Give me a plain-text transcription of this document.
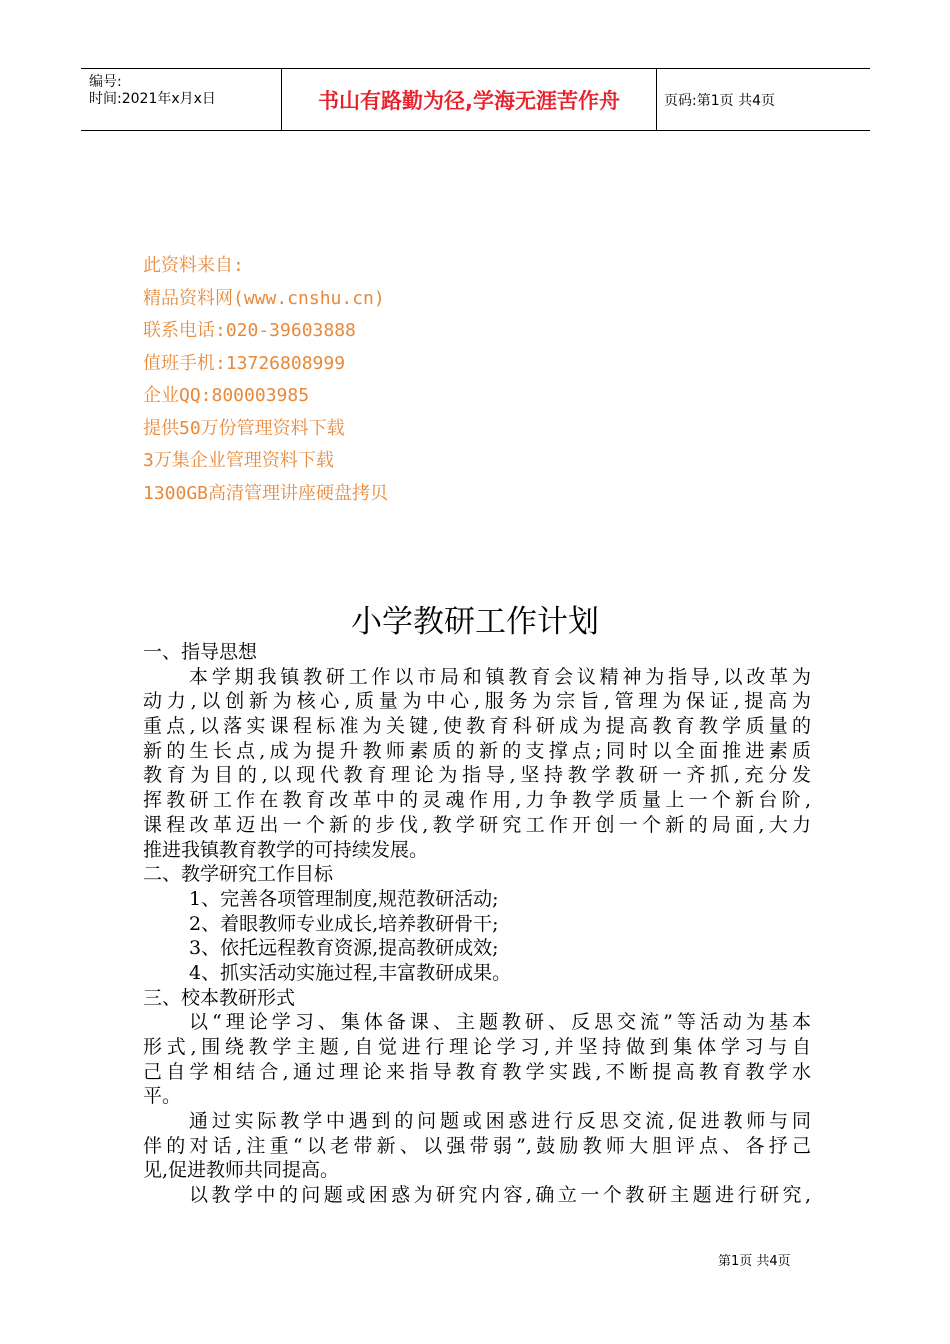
编号:
时间:2021年x月x日	书山有路勤为径,学海无涯苦作舟	页码:第1页 共4页
此资料来自:
精品资料网(www.cnshu.cn)
联系电话:020-39603888
值班手机:13726808999
企业QQ:800003985
提供50万份管理资料下载
3万集企业管理资料下载
1300GB高清管理讲座硬盘拷贝
小学教研工作计划
一、指导思想
本学期我镇教研工作以市局和镇教育会议精神为指导,以改革为
动力,以创新为核心,质量为中心,服务为宗旨,管理为保证,提高为
重点,以落实课程标准为关键,使教育科研成为提高教育教学质量的
新的生长点,成为提升教师素质的新的支撑点;同时以全面推进素质
教育为目的,以现代教育理论为指导,坚持教学教研一齐抓,充分发
挥教研工作在教育改革中的灵魂作用,力争教学质量上一个新台阶,
课程改革迈出一个新的步伐,教学研究工作开创一个新的局面,大力
推进我镇教育教学的可持续发展。
二、教学研究工作目标
1、完善各项管理制度,规范教研活动;
2、着眼教师专业成长,培养教研骨干;
3、依托远程教育资源,提高教研成效;
4、抓实活动实施过程,丰富教研成果。
三、校本教研形式
以“理论学习、集体备课、主题教研、反思交流”等活动为基本
形式,围绕教学主题,自觉进行理论学习,并坚持做到集体学习与自
己自学相结合,通过理论来指导教育教学实践,不断提高教育教学水
平。
通过实际教学中遇到的问题或困惑进行反思交流,促进教师与同
伴的对话,注重“以老带新、以强带弱”,鼓励教师大胆评点、各抒己
见,促进教师共同提高。
以教学中的问题或困惑为研究内容,确立一个教研主题进行研究,
第1页 共4页
